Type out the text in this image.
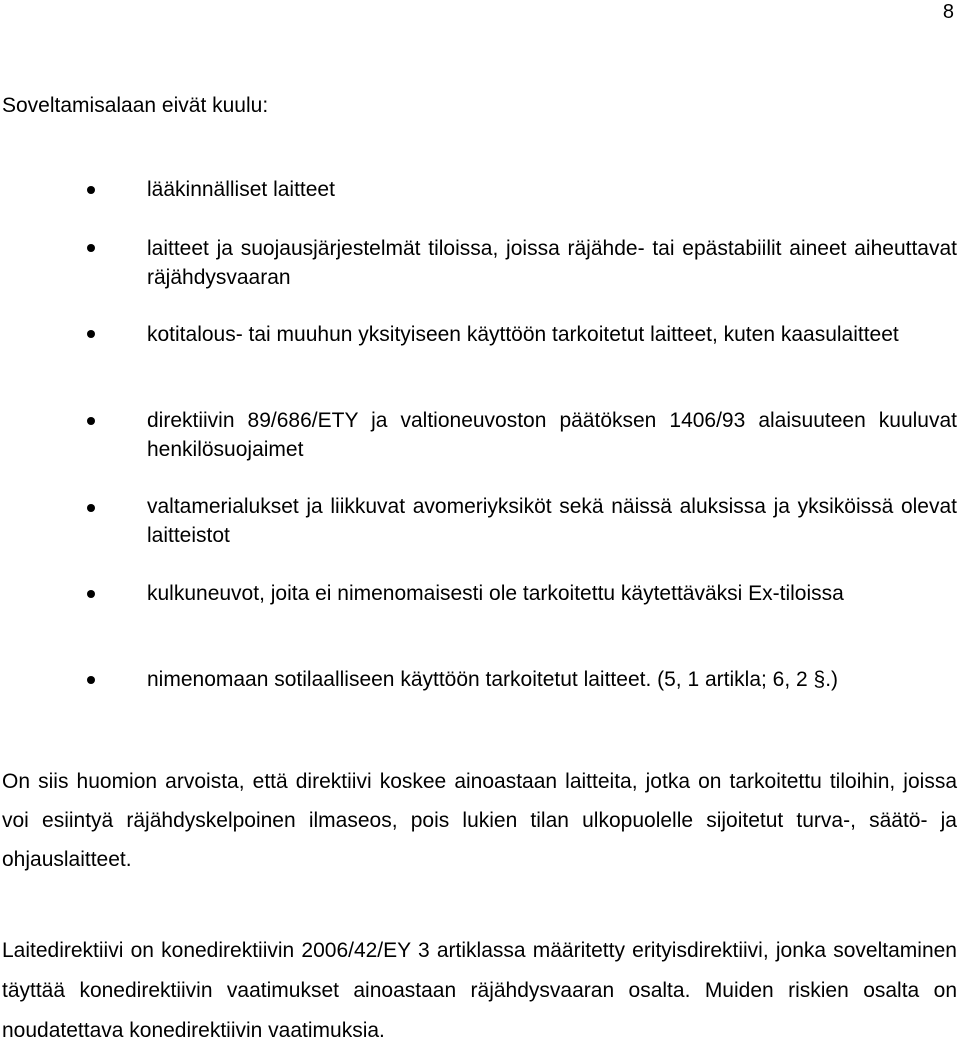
8
Soveltamisalaan eivät kuulu:
lääkinnälliset laitteet
laitteet ja suojausjärjestelmät tiloissa, joissa räjähde- tai epästabiilit aineet aiheuttavat räjähdysvaaran
kotitalous- tai muuhun yksityiseen käyttöön tarkoitetut laitteet, kuten kaasulaitteet
direktiivin 89/686/ETY ja valtioneuvoston päätöksen 1406/93 alaisuuteen kuuluvat henkilösuojaimet
valtamerialukset ja liikkuvat avomeriyksiköt sekä näissä aluksissa ja yksiköissä olevat laitteistot
kulkuneuvot, joita ei nimenomaisesti ole tarkoitettu käytettäväksi Ex-tiloissa
nimenomaan sotilaalliseen käyttöön tarkoitetut laitteet. (5, 1 artikla; 6, 2 §.)

On siis huomion arvoista, että direktiivi koskee ainoastaan laitteita, jotka on tarkoitettu tiloihin, joissa voi esiintyä räjähdyskelpoinen ilmaseos, pois lukien tilan ulkopuolelle sijoitetut turva-, säätö- ja ohjauslaitteet.

Laitedirektiivi on konedirektiivin 2006/42/EY 3 artiklassa määritetty erityisdirektiivi, jonka soveltaminen täyttää konedirektiivin vaatimukset ainoastaan räjähdysvaaran osalta. Muiden riskien osalta on noudatettava konedirektiivin vaatimuksia.
